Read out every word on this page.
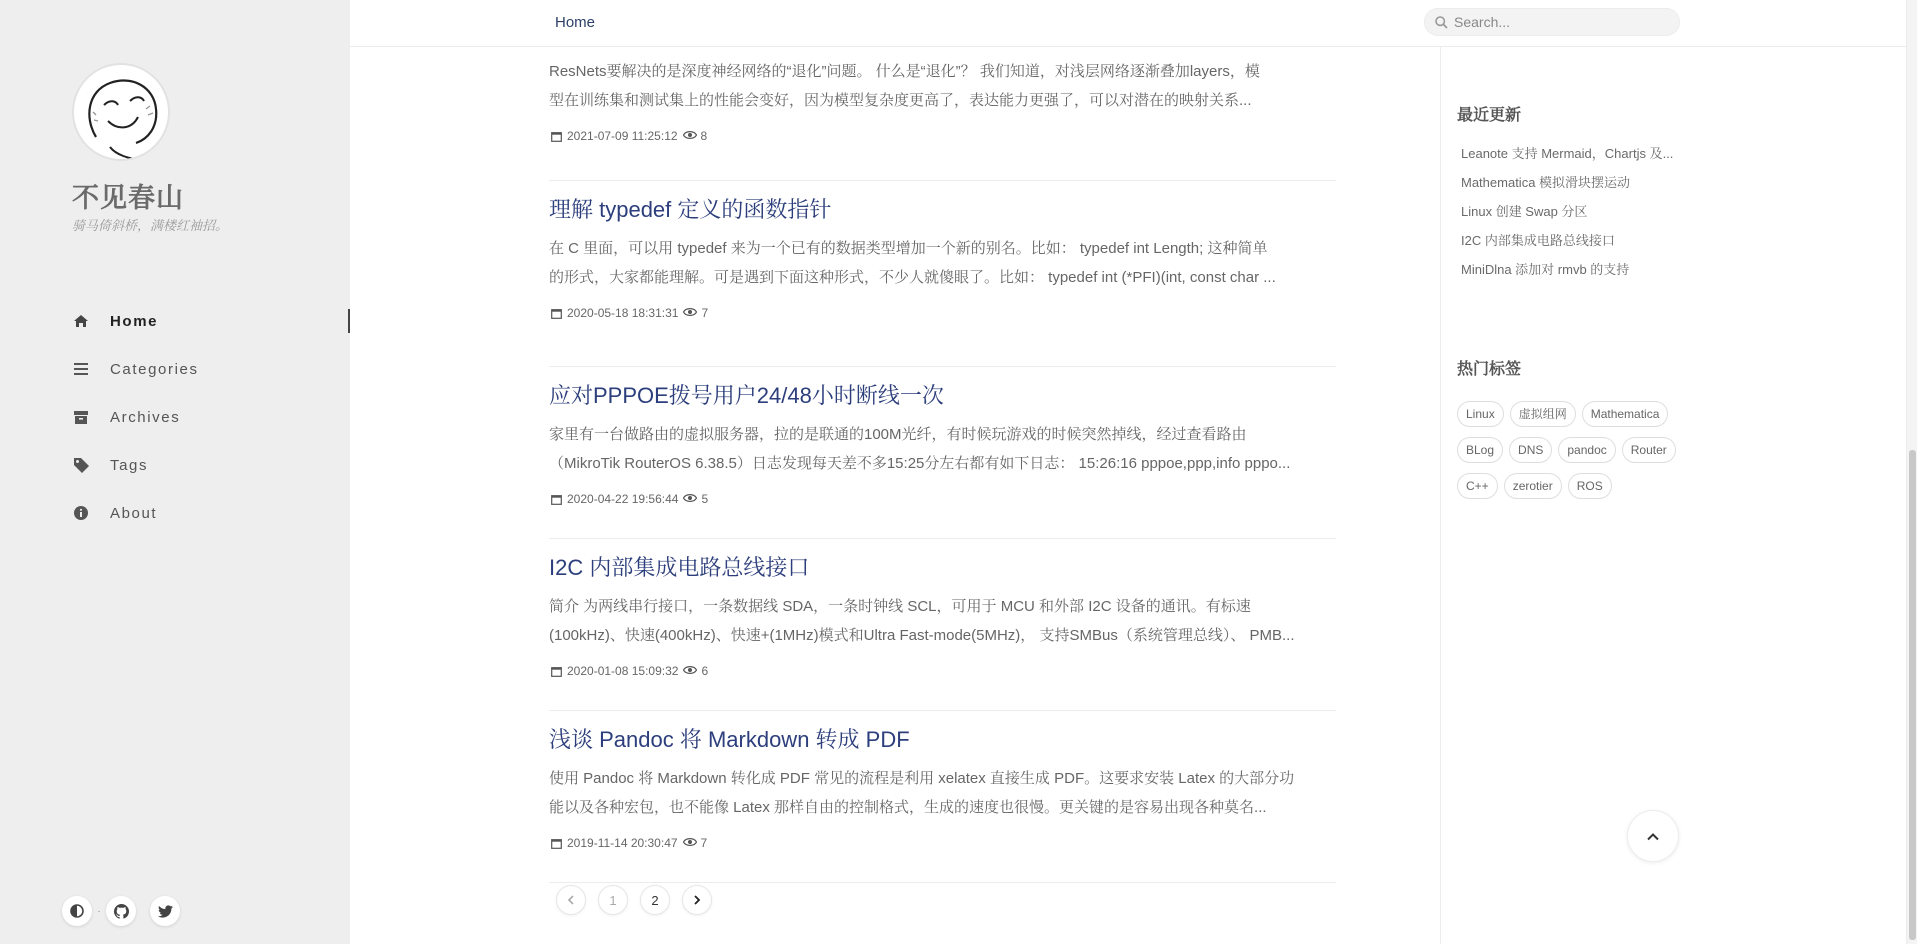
不见春山
骑马倚斜桥，满楼红袖招。
Home
Categories
Archives
Tags
About
·
Home
Search...
ResNets要解决的是深度神经网络的“退化”问题。 什么是“退化”？ 我们知道，对浅层网络逐渐叠加layers，模
型在训练集和测试集上的性能会变好，因为模型复杂度更高了，表达能力更强了，可以对潜在的映射关系...
2021-07-09 11:25:12 8
理解 typedef 定义的函数指针
在 C 里面，可以用 typedef 来为一个已有的数据类型增加一个新的别名。比如： typedef int Length; 这种简单
的形式，大家都能理解。可是遇到下面这种形式，不少人就傻眼了。比如： typedef int (*PFI)(int, const char ...
2020-05-18 18:31:31 7
应对PPPOE拨号用户24/48小时断线一次
家里有一台做路由的虚拟服务器，拉的是联通的100M光纤，有时候玩游戏的时候突然掉线，经过查看路由
（MikroTik RouterOS 6.38.5）日志发现每天差不多15:25分左右都有如下日志： 15:26:16 pppoe,ppp,info pppo...
2020-04-22 19:56:44 5
I2C 内部集成电路总线接口
简介 为两线串行接口，一条数据线 SDA，一条时钟线 SCL，可用于 MCU 和外部 I2C 设备的通讯。有标速
(100kHz)、快速(400kHz)、快速+(1MHz)模式和Ultra Fast-mode(5MHz)， 支持SMBus（系统管理总线）、 PMB...
2020-01-08 15:09:32 6
浅谈 Pandoc 将 Markdown 转成 PDF
使用 Pandoc 将 Markdown 转化成 PDF 常见的流程是利用 xelatex 直接生成 PDF。这要求安装 Latex 的大部分功
能以及各种宏包，也不能像 Latex 那样自由的控制格式，生成的速度也很慢。更关键的是容易出现各种莫名...
2019-11-14 20:30:47 7
1	2
最近更新
Leanote 支持 Mermaid，Chartjs 及...
Mathematica 模拟滑块摆运动
Linux 创建 Swap 分区
I2C 内部集成电路总线接口
MiniDlna 添加对 rmvb 的支持
热门标签
Linux	虚拟组网	Mathematica
BLog	DNS	pandoc	Router
C++	zerotier	ROS
